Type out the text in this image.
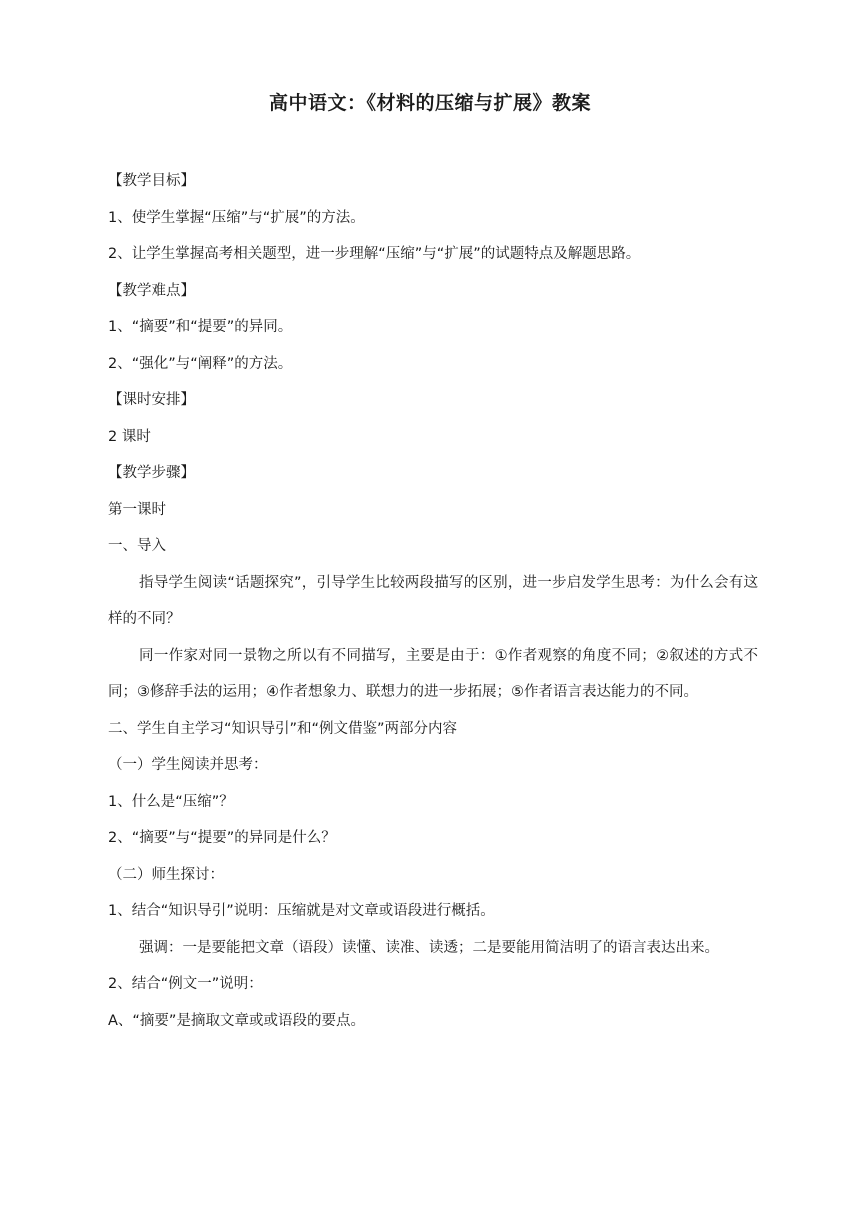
高中语文：《材料的压缩与扩展》教案

【教学目标】

1、使学生掌握“压缩”与“扩展”的方法。

2、让学生掌握高考相关题型，进一步理解“压缩”与“扩展”的试题特点及解题思路。

【教学难点】

1、“摘要”和“提要”的异同。

2、“强化”与“阐释”的方法。

【课时安排】

2 课时

【教学步骤】

第一课时

一、导入

指导学生阅读“话题探究”，引导学生比较两段描写的区别，进一步启发学生思考：为什么会有这样的不同？

同一作家对同一景物之所以有不同描写，主要是由于：①作者观察的角度不同；②叙述的方式不同；③修辞手法的运用；④作者想象力、联想力的进一步拓展；⑤作者语言表达能力的不同。

二、学生自主学习“知识导引”和“例文借鉴”两部分内容

（一）学生阅读并思考：

1、什么是“压缩”？

2、“摘要”与“提要”的异同是什么？

（二）师生探讨：

1、结合“知识导引”说明：压缩就是对文章或语段进行概括。

强调：一是要能把文章（语段）读懂、读准、读透；二是要能用简洁明了的语言表达出来。

2、结合“例文一”说明：

A、“摘要”是摘取文章或或语段的要点。
